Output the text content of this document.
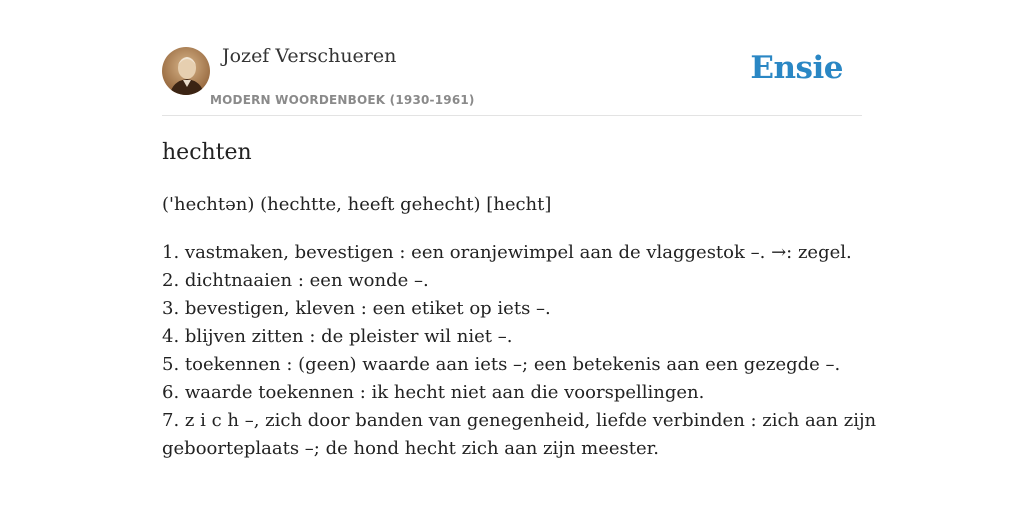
Jozef Verschueren
MODERN WOORDENBOEK (1930-1961)
Ensie
hechten
('hechtən) (hechtte, heeft gehecht) [hecht]
1. vastmaken, bevestigen : een oranjewimpel aan de vlaggestok –. →: zegel.
2. dichtnaaien : een wonde –.
3. bevestigen, kleven : een etiket op iets –.
4. blijven zitten : de pleister wil niet –.
5. toekennen : (geen) waarde aan iets –; een betekenis aan een gezegde –.
6. waarde toekennen : ik hecht niet aan die voorspellingen.
7. z i c h –, zich door banden van genegenheid, liefde verbinden : zich aan zijn
geboorteplaats –; de hond hecht zich aan zijn meester.
